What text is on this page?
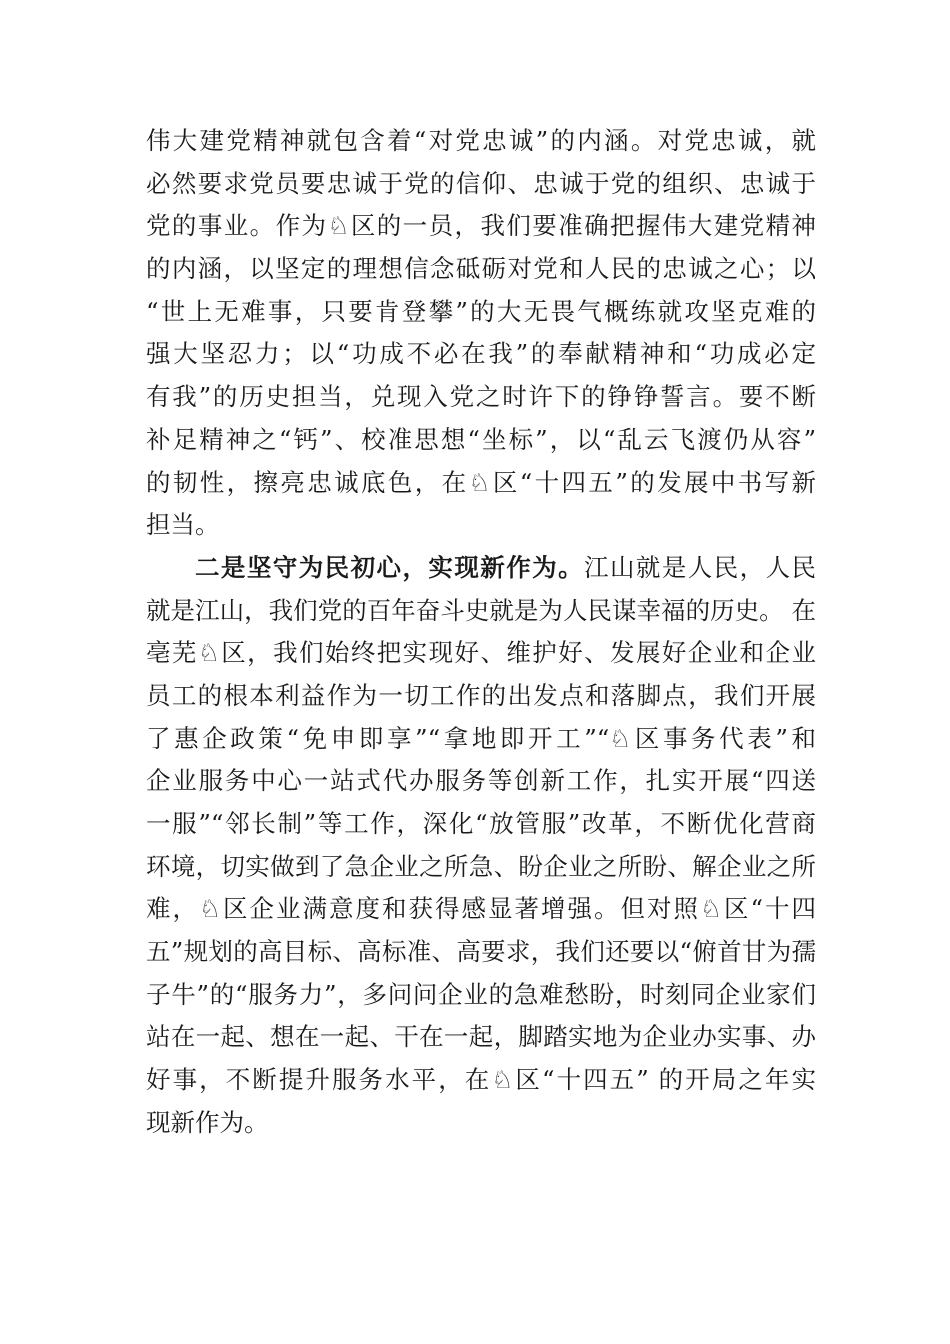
伟大建党精神就包含着“对党忠诚”的内涵。对党忠诚，就
必然要求党员要忠诚于党的信仰、忠诚于党的组织、忠诚于
党的事业。作为♘区的一员，我们要准确把握伟大建党精神
的内涵，以坚定的理想信念砥砺对党和人民的忠诚之心；以
“世上无难事，只要肯登攀”的大无畏气概练就攻坚克难的
强大坚忍力；以“功成不必在我”的奉献精神和“功成必定
有我”的历史担当，兑现入党之时许下的铮铮誓言。要不断
补足精神之“钙”、校准思想“坐标”，以“乱云飞渡仍从容”
的韧性，擦亮忠诚底色，在♘区“十四五”的发展中书写新
担当。
二是坚守为民初心，实现新作为。江山就是人民，人民
就是江山，我们党的百年奋斗史就是为人民谋幸福的历史。 在
亳芜♘区，我们始终把实现好、维护好、发展好企业和企业
员工的根本利益作为一切工作的出发点和落脚点，我们开展
了惠企政策“免申即享”“拿地即开工”“♘区事务代表”和
企业服务中心一站式代办服务等创新工作，扎实开展“四送
一服”“邻长制”等工作，深化“放管服”改革，不断优化营商
环境，切实做到了急企业之所急、盼企业之所盼、解企业之所
难，♘区企业满意度和获得感显著增强。但对照♘区“十四
五”规划的高目标、高标准、高要求，我们还要以“俯首甘为孺
子牛”的“服务力”，多问问企业的急难愁盼，时刻同企业家们
站在一起、想在一起、干在一起，脚踏实地为企业办实事、办
好事，不断提升服务水平，在♘区“十四五” 的开局之年实
现新作为。
